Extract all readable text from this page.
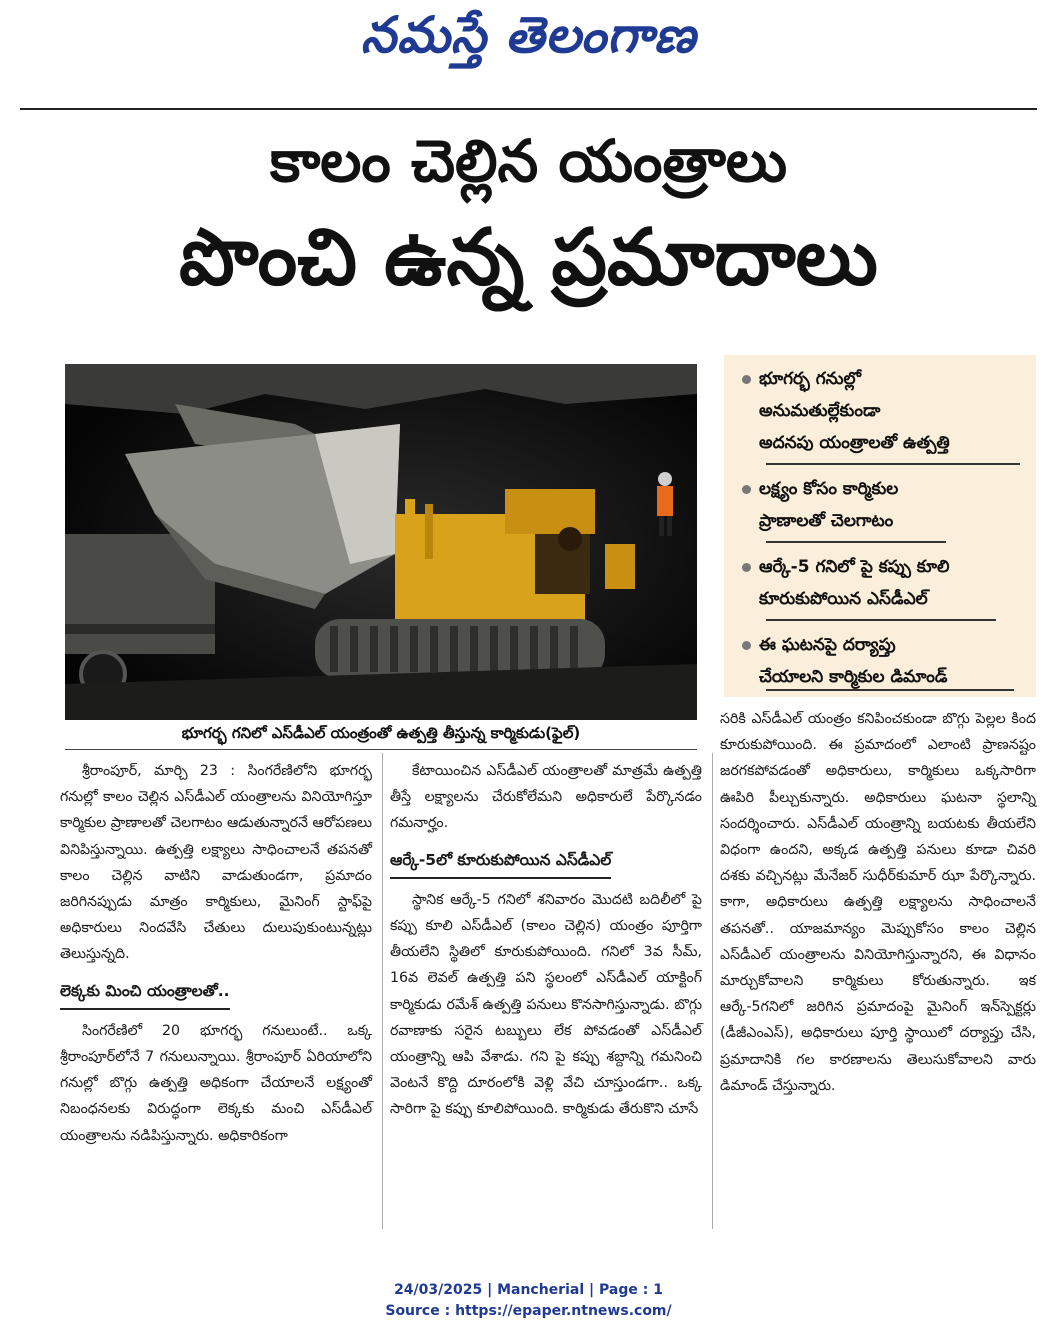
నమస్తే తెలంగాణ
కాలం చెల్లిన యంత్రాలు
పొంచి ఉన్న ప్రమాదాలు
భూగర్భ గనిలో ఎస్‌డీఎల్ యంత్రంతో ఉత్పత్తి తీస్తున్న కార్మికుడు(ఫైల్)
భూగర్భ గనుల్లో
అనుమతుల్లేకుండా
అదనపు యంత్రాలతో ఉత్పత్తి
లక్ష్యం కోసం కార్మికుల
ప్రాణాలతో చెలగాటం
ఆర్కే-5 గనిలో పై కప్పు కూలి
కూరుకుపోయిన ఎస్‌డీఎల్
ఈ ఘటనపై దర్యాప్తు
చేయాలని కార్మికుల డిమాండ్

శ్రీరాంపూర్, మార్చి 23 : సింగరేణిలోని భూగర్భ గనుల్లో కాలం చెల్లిన ఎస్‌డీఎల్ యంత్రాలను వినియోగిస్తూ కార్మికుల ప్రాణాలతో చెలగాటం ఆడుతున్నారనే ఆరోపణలు వినిపిస్తున్నాయి. ఉత్పత్తి లక్ష్యాలు సాధించాలనే తపనతో కాలం చెల్లిన వాటిని వాడుతుండగా, ప్రమాదం జరిగినప్పుడు మాత్రం కార్మికులు, మైనింగ్ స్టాఫ్‌పై అధికారులు నిందవేసి చేతులు దులుపుకుంటున్నట్లు తెలుస్తున్నది.

లెక్కకు మించి యంత్రాలతో..

సింగరేణిలో 20 భూగర్భ గనులుంటే.. ఒక్క శ్రీరాంపూర్‌లోనే 7 గనులున్నాయి. శ్రీరాంపూర్ ఏరియాలోని గనుల్లో బొగ్గు ఉత్పత్తి అధికంగా చేయాలనే లక్ష్యంతో నిబంధనలకు విరుద్ధంగా లెక్కకు మంచి ఎస్‌డీఎల్ యంత్రాలను నడిపిస్తున్నారు. అధికారికంగా

కేటాయించిన ఎస్‌డీఎల్ యంత్రాలతో మాత్రమే ఉత్పత్తి తీస్తే లక్ష్యాలను చేరుకోలేమని అధికారులే పేర్కొనడం గమనార్హం.

ఆర్కే-5లో కూరుకుపోయిన ఎస్‌డీఎల్

స్థానిక ఆర్కే-5 గనిలో శనివారం మొదటి బదిలీలో పై కప్పు కూలి ఎస్‌డీఎల్ (కాలం చెల్లిన) యంత్రం పూర్తిగా తీయలేని స్థితిలో కూరుకుపోయింది. గనిలో 3వ సీమ్, 16వ లెవల్ ఉత్పత్తి పని స్థలంలో ఎస్‌డీఎల్ యాక్టింగ్ కార్మికుడు రమేశ్ ఉత్పత్తి పనులు కొనసాగిస్తున్నాడు. బొగ్గు రవాణాకు సరైన టబ్బులు లేక పోవడంతో ఎస్‌డీఎల్ యంత్రాన్ని ఆపి వేశాడు. గని పై కప్పు శబ్దాన్ని గమనించి వెంటనే కొద్ది దూరంలోకి వెళ్లి వేచి చూస్తుండగా.. ఒక్క సారిగా పై కప్పు కూలిపోయింది. కార్మికుడు తేరుకొని చూసే

సరికి ఎస్‌డీఎల్ యంత్రం కనిపించకుండా బొగ్గు పెల్లల కింద కూరుకుపోయింది. ఈ ప్రమాదంలో ఎలాంటి ప్రాణనష్టం జరగకపోవడంతో అధికారులు, కార్మికులు ఒక్కసారిగా ఊపిరి పీల్చుకున్నారు. అధికారులు ఘటనా స్థలాన్ని సందర్శించారు. ఎస్‌డీఎల్ యంత్రాన్ని బయటకు తీయలేని విధంగా ఉందని, అక్కడ ఉత్పత్తి పనులు కూడా చివరి దశకు వచ్చినట్లు మేనేజర్ సుధీర్‌కుమార్ ఝా పేర్కొన్నారు. కాగా, అధికారులు ఉత్పత్తి లక్ష్యాలను సాధించాలనే తపనతో.. యాజమాన్యం మెప్పుకోసం కాలం చెల్లిన ఎస్‌డీఎల్ యంత్రాలను వినియోగిస్తున్నారని, ఈ విధానం మార్చుకోవాలని కార్మికులు కోరుతున్నారు. ఇక ఆర్కే-5గనిలో జరిగిన ప్రమాదంపై మైనింగ్ ఇన్‌స్పెక్టర్లు (డీజీఎంఎస్), అధికారులు పూర్తి స్థాయిలో దర్యాప్తు చేసి, ప్రమాదానికి గల కారణాలను తెలుసుకోవాలని వారు డిమాండ్ చేస్తున్నారు.

24/03/2025 | Mancherial | Page : 1
Source : https://epaper.ntnews.com/
